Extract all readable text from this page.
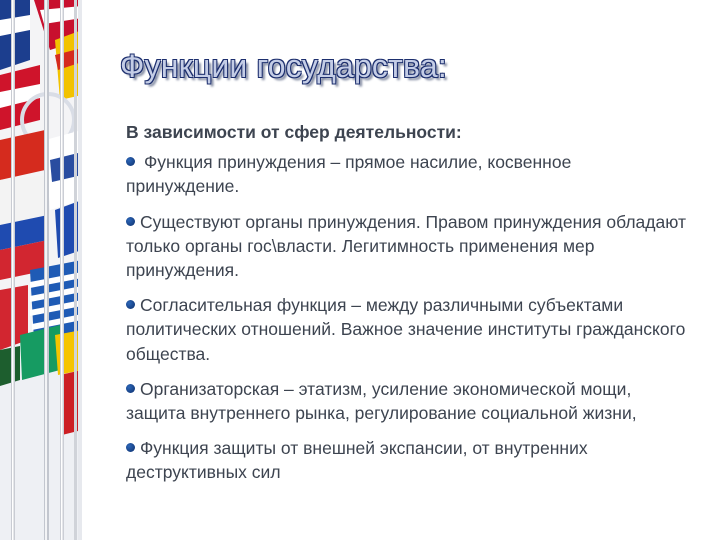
Функции государства:
В зависимости от сфер деятельности:
Функция принуждения – прямое насилие, косвенное принуждение.
Существуют органы принуждения. Правом принуждения обладают только органы гос\власти. Легитимность применения мер принуждения.
Согласительная функция – между различными субъектами политических отношений. Важное значение институты гражданского общества.
Организаторская – этатизм, усиление экономической мощи, защита внутреннего рынка, регулирование социальной жизни,
Функция защиты от внешней экспансии, от внутренних деструктивных сил
